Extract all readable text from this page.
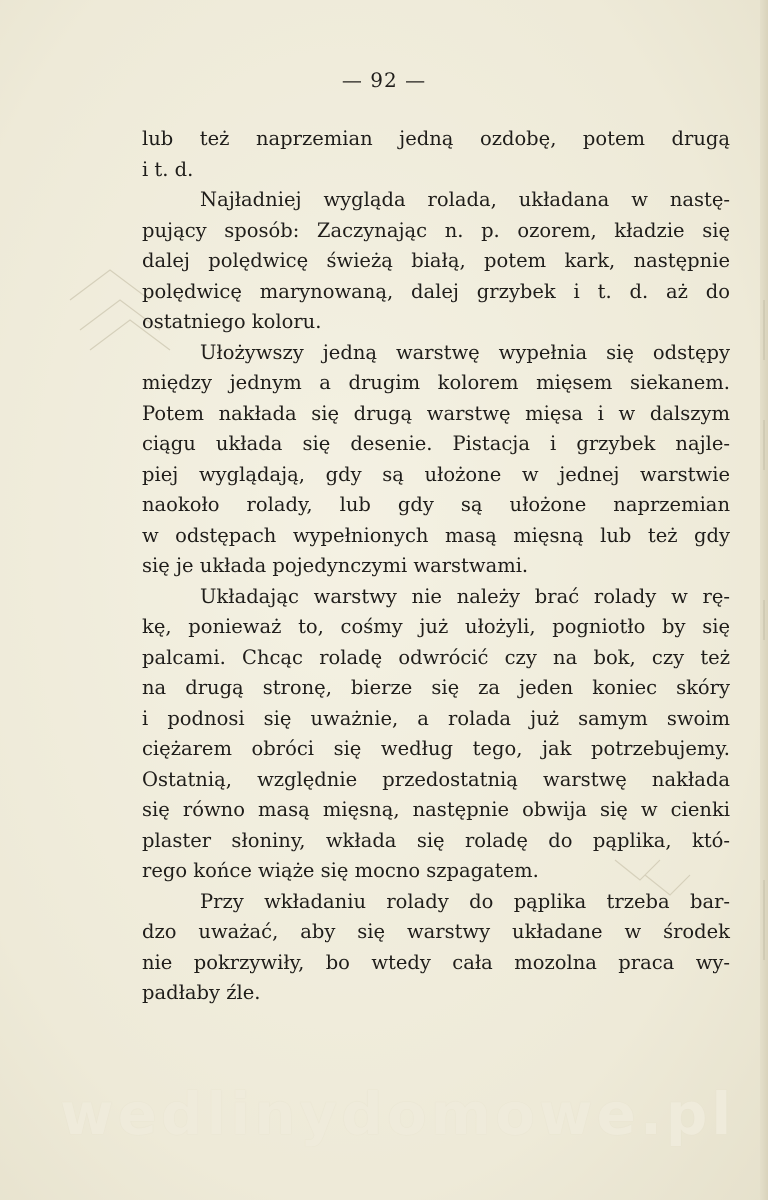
— 92 —
lub też naprzemian jedną ozdobę, potem drugą
i t. d.
Najładniej wygląda rolada, układana w nastę-
pujący sposób: Zaczynając n. p. ozorem, kładzie się
dalej polędwicę świeżą białą, potem kark, następnie
polędwicę marynowaną, dalej grzybek i t. d. aż do
ostatniego koloru.
Ułożywszy jedną warstwę wypełnia się odstępy
między jednym a drugim kolorem mięsem siekanem.
Potem nakłada się drugą warstwę mięsa i w dalszym
ciągu układa się desenie. Pistacja i grzybek najle-
piej wyglądają, gdy są ułożone w jednej warstwie
naokoło rolady, lub gdy są ułożone naprzemian
w odstępach wypełnionych masą mięsną lub też gdy
się je układa pojedynczymi warstwami.
Układając warstwy nie należy brać rolady w rę-
kę, ponieważ to, cośmy już ułożyli, pogniotło by się
palcami. Chcąc roladę odwrócić czy na bok, czy też
na drugą stronę, bierze się za jeden koniec skóry
i podnosi się uważnie, a rolada już samym swoim
ciężarem obróci się według tego, jak potrzebujemy.
Ostatnią, względnie przedostatnią warstwę nakłada
się równo masą mięsną, następnie obwija się w cienki
plaster słoniny, wkłada się roladę do pąplika, któ-
rego końce wiąże się mocno szpagatem.
Przy wkładaniu rolady do pąplika trzeba bar-
dzo uważać, aby się warstwy układane w środek
nie pokrzywiły, bo wtedy cała mozolna praca wy-
padłaby źle.
wedlinydomowe.pl
